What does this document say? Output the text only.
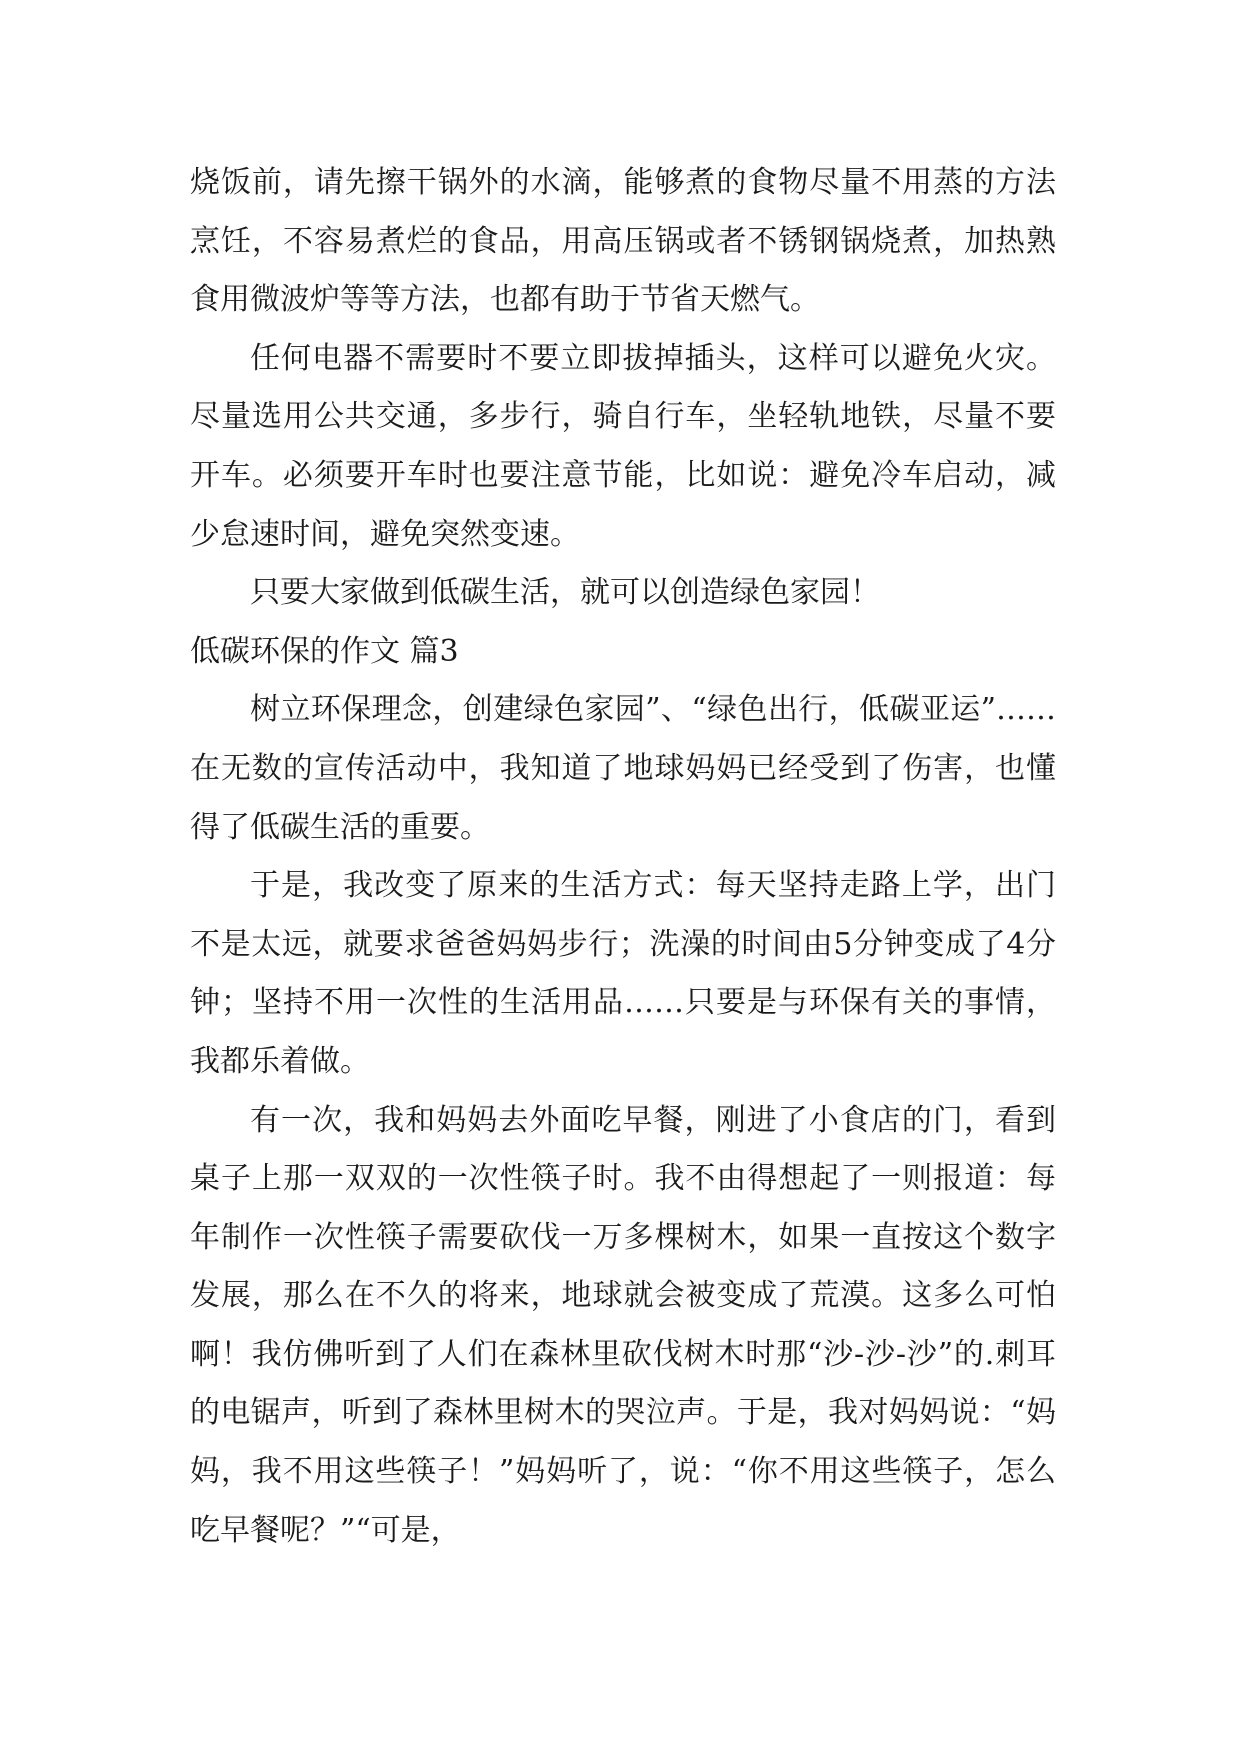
烧饭前，请先擦干锅外的水滴，能够煮的食物尽量不用蒸的方法烹饪，不容易煮烂的食品，用高压锅或者不锈钢锅烧煮，加热熟食用微波炉等等方法，也都有助于节省天燃气。

任何电器不需要时不要立即拔掉插头，这样可以避免火灾。尽量选用公共交通，多步行，骑自行车，坐轻轨地铁，尽量不要开车。必须要开车时也要注意节能，比如说：避免冷车启动，减少怠速时间，避免突然变速。

只要大家做到低碳生活，就可以创造绿色家园！

低碳环保的作文 篇3

树立环保理念，创建绿色家园”、“绿色出行，低碳亚运”……在无数的宣传活动中，我知道了地球妈妈已经受到了伤害，也懂得了低碳生活的重要。

于是，我改变了原来的生活方式：每天坚持走路上学，出门不是太远，就要求爸爸妈妈步行；洗澡的时间由5分钟变成了4分钟；坚持不用一次性的生活用品……只要是与环保有关的事情，我都乐着做。

有一次，我和妈妈去外面吃早餐，刚进了小食店的门，看到桌子上那一双双的一次性筷子时。我不由得想起了一则报道：每年制作一次性筷子需要砍伐一万多棵树木，如果一直按这个数字发展，那么在不久的将来，地球就会被变成了荒漠。这多么可怕啊！我仿佛听到了人们在森林里砍伐树木时那“沙-沙-沙”的.刺耳的电锯声，听到了森林里树木的哭泣声。于是，我对妈妈说：“妈妈，我不用这些筷子！”妈妈听了，说：“你不用这些筷子，怎么吃早餐呢？”“可是，
